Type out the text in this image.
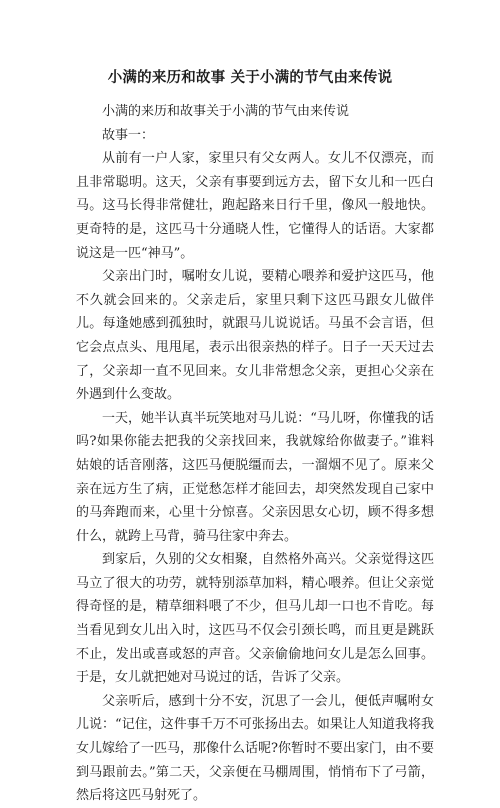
小满的来历和故事 关于小满的节气由来传说

小满的来历和故事关于小满的节气由来传说

故事一：

从前有一户人家，家里只有父女两人。女儿不仅漂亮，而且非常聪明。这天，父亲有事要到远方去，留下女儿和一匹白马。这马长得非常健壮，跑起路来日行千里，像风一般地快。更奇特的是，这匹马十分通晓人性，它懂得人的话语。大家都说这是一匹“神马”。

父亲出门时，嘱咐女儿说，要精心喂养和爱护这匹马，他不久就会回来的。父亲走后，家里只剩下这匹马跟女儿做伴儿。每逢她感到孤独时，就跟马儿说说话。马虽不会言语，但它会点点头、甩甩尾，表示出很亲热的样子。日子一天天过去了，父亲却一直不见回来。女儿非常想念父亲，更担心父亲在外遇到什么变故。

一天，她半认真半玩笑地对马儿说：“马儿呀，你懂我的话吗?如果你能去把我的父亲找回来，我就嫁给你做妻子。”谁料姑娘的话音刚落，这匹马便脱缰而去，一溜烟不见了。原来父亲在远方生了病，正觉愁怎样才能回去，却突然发现自己家中的马奔跑而来，心里十分惊喜。父亲因思女心切，顾不得多想什么，就跨上马背，骑马往家中奔去。

到家后，久别的父女相聚，自然格外高兴。父亲觉得这匹马立了很大的功劳，就特别添草加料，精心喂养。但让父亲觉得奇怪的是，精草细料喂了不少，但马儿却一口也不肯吃。每当看见到女儿出入时，这匹马不仅会引颈长鸣，而且更是跳跃不止，发出或喜或怒的声音。父亲偷偷地问女儿是怎么回事。于是，女儿就把她对马说过的话，告诉了父亲。

父亲听后，感到十分不安，沉思了一会儿，便低声嘱咐女儿说：“记住，这件事千万不可张扬出去。如果让人知道我将我女儿嫁给了一匹马，那像什么话呢?你暂时不要出家门，由不要到马跟前去。”第二天，父亲便在马棚周围，悄悄布下了弓箭，然后将这匹马射死了。
